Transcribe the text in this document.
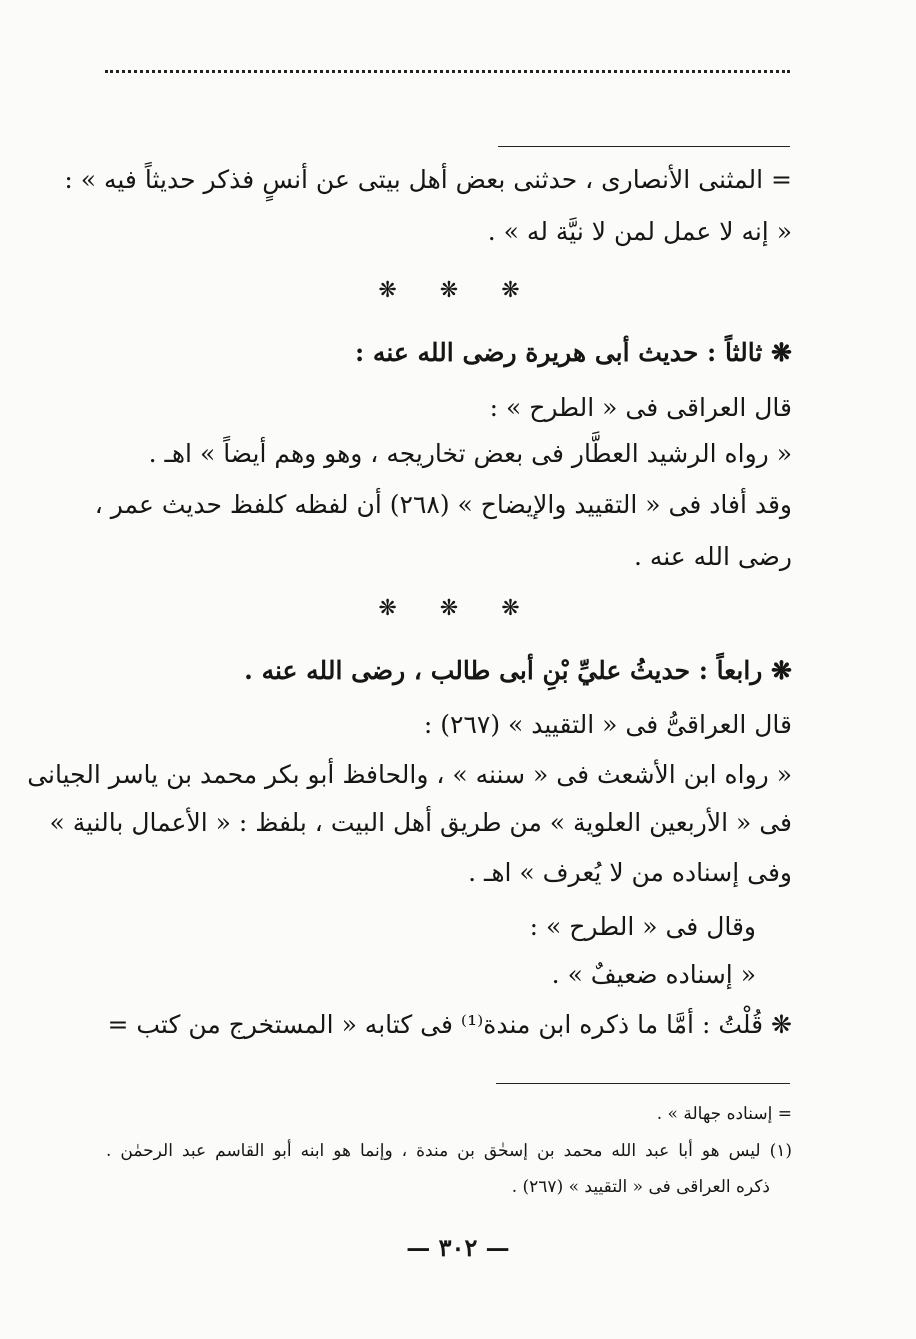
= المثنى الأنصارى ، حدثنى بعض أهل بيتى عن أنسٍ فذكر حديثاً فيه » :
« إنه لا عمل لمن لا نيَّة له » .
❋ ❋ ❋
❋ ثالثاً : حديث أبى هريرة رضى الله عنه :
قال العراقى فى « الطرح » :
« رواه الرشيد العطَّار فى بعض تخاريجه ، وهو وهم أيضاً » اهـ .
وقد أفاد فى « التقييد والإيضاح » (٢٦٨) أن لفظه كلفظ حديث عمر ،
رضى الله عنه .
❋ ❋ ❋
❋ رابعاً : حديثُ عليِّ بْنِ أبى طالب ، رضى الله عنه .
قال العراقىُّ فى « التقييد » (٢٦٧) :
« رواه ابن الأشعث فى « سننه » ، والحافظ أبو بكر محمد بن ياسر الجيانى
فى « الأربعين العلوية » من طريق أهل البيت ، بلفظ : « الأعمال بالنية »
وفى إسناده من لا يُعرف » اهـ .
وقال فى « الطرح » :
« إسناده ضعيفٌ » .
❋ قُلْتُ : أمَّا ما ذكره ابن مندة⁽¹⁾ فى كتابه « المستخرج من كتب =
= إسناده جهالة » .
(١) ليس هو أبا عبد الله محمد بن إسحٰق بن مندة ، وإنما هو ابنه أبو القاسم عبد الرحمٰن .
ذكره العراقى فى « التقييد » (٢٦٧) .
— ٣٠٢ —
